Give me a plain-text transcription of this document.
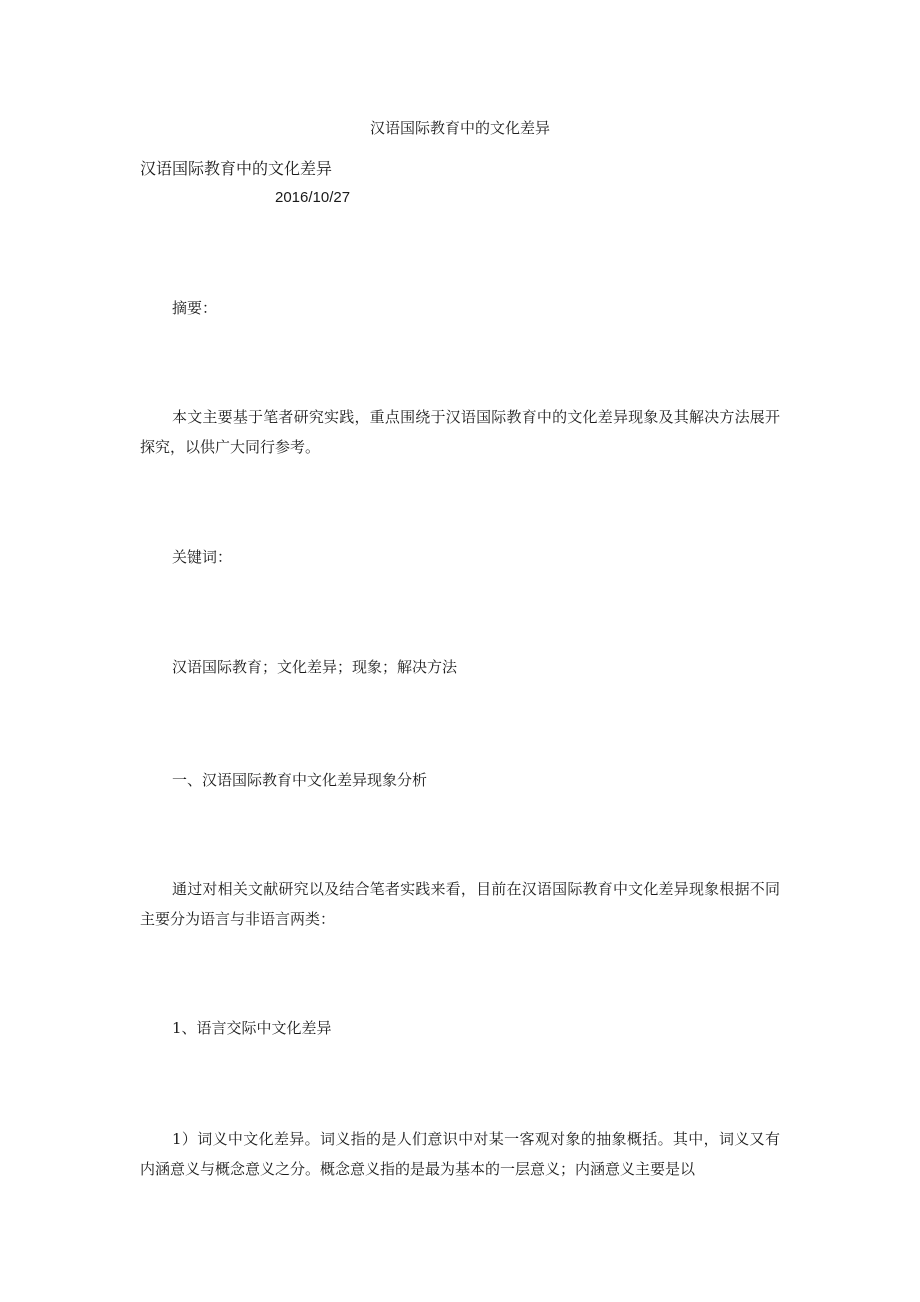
汉语国际教育中的文化差异
汉语国际教育中的文化差异
2016/10/27
摘要：
本文主要基于笔者研究实践，重点围绕于汉语国际教育中的文化差异现象及其解决方法展开探究，以供广大同行参考。
关键词：
汉语国际教育；文化差异；现象；解决方法
一、汉语国际教育中文化差异现象分析
通过对相关文献研究以及结合笔者实践来看，目前在汉语国际教育中文化差异现象根据不同主要分为语言与非语言两类：
1、语言交际中文化差异
1）词义中文化差异。词义指的是人们意识中对某一客观对象的抽象概括。其中，词义又有内涵意义与概念意义之分。概念意义指的是最为基本的一层意义；内涵意义主要是以
